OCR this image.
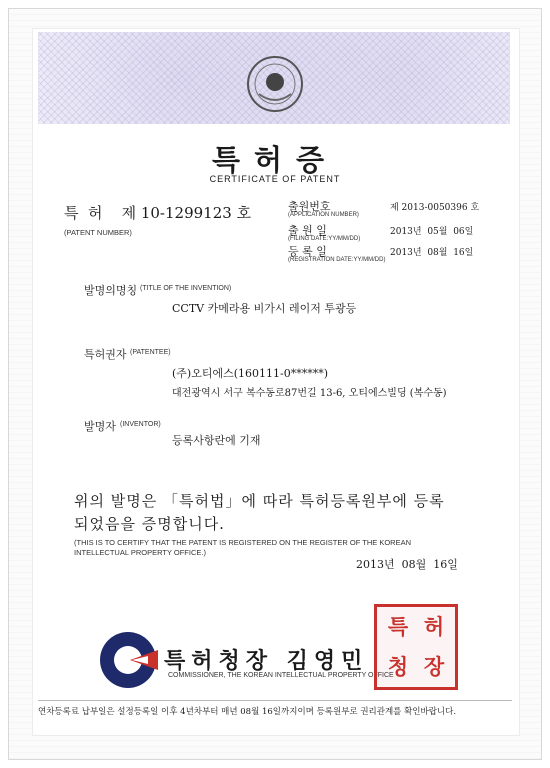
특허증
CERTIFICATE OF PATENT
특  허    제 10-1299123 호
(PATENT NUMBER)
출원번호
(APPLICATION NUMBER)
제 2013-0050396 호
출 원 일
(FILING DATE:YY/MM/DD)
2013년  05월  06일
등 록 일
(REGISTRATION DATE:YY/MM/DD)
2013년  08월  16일
발명의명칭 (TITLE OF THE INVENTION)
CCTV 카메라용 비가시 레이저 투광등
특허권자 (PATENTEE)
(주)오티에스(160111-0******)
대전광역시 서구 복수동로87번길 13-6, 오티에스빌딩 (복수동)
발명자 (INVENTOR)
등록사항란에 기재
위의 발명은 「특허법」에 따라 특허등록원부에 등록
되었음을 증명합니다.
(THIS IS TO CERTIFY THAT THE PATENT IS REGISTERED ON THE REGISTER OF THE KOREAN
INTELLECTUAL PROPERTY OFFICE.)
2013년  08월  16일
특허청장 김영민
COMMISSIONER, THE KOREAN INTELLECTUAL PROPERTY OFFICE
특 허
청 장
연차등록료 납부일은 설정등록일 이후 4년차부터 매년 08월 16일까지이며 등록원부로 권리관계를 확인바랍니다.
